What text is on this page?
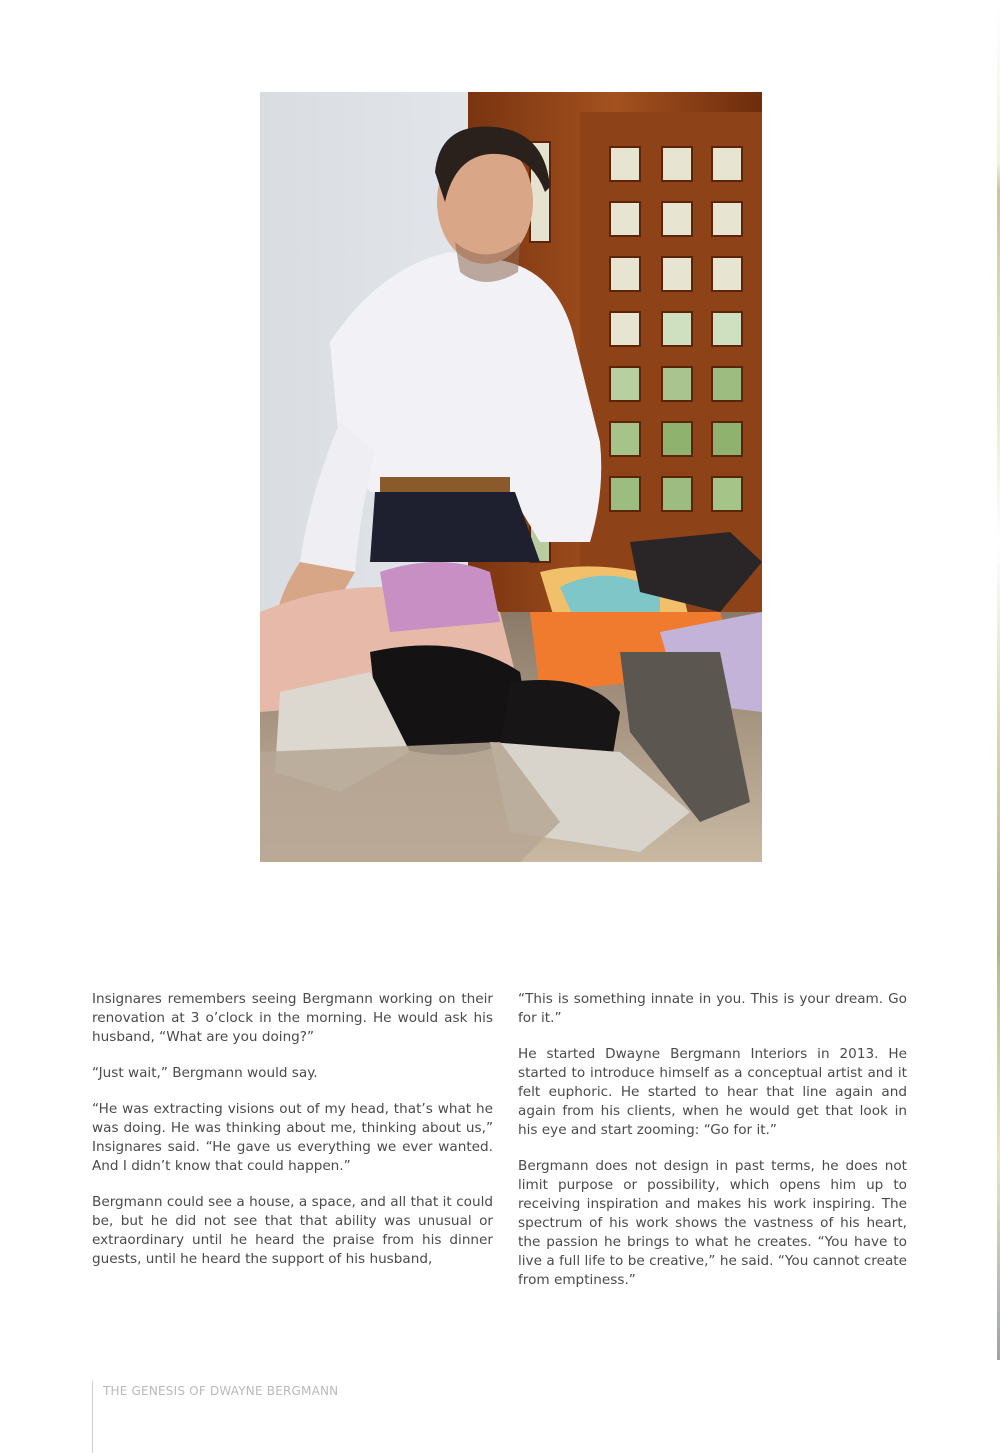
Insignares remembers seeing Bergmann working on their renovation at 3 o’clock in the morning. He would ask his husband, “What are you doing?”

“Just wait,” Bergmann would say.

“He was extracting visions out of my head, that’s what he was doing. He was thinking about me, thinking about us,” Insignares said. “He gave us everything we ever wanted. And I didn’t know that could happen.”

Bergmann could see a house, a space, and all that it could be, but he did not see that that ability was unusual or extraordinary until he heard the praise from his dinner guests, until he heard the support of his husband,

“This is something innate in you. This is your dream. Go for it.”

He started Dwayne Bergmann Interiors in 2013. He started to introduce himself as a conceptual artist and it felt euphoric. He started to hear that line again and again from his clients, when he would get that look in his eye and start zooming: “Go for it.”

Bergmann does not design in past terms, he does not limit purpose or possibility, which opens him up to receiving inspiration and makes his work inspiring. The spectrum of his work shows the vastness of his heart, the passion he brings to what he creates. “You have to live a full life to be creative,” he said. “You cannot create from emptiness.”

THE GENESIS OF DWAYNE BERGMANN
